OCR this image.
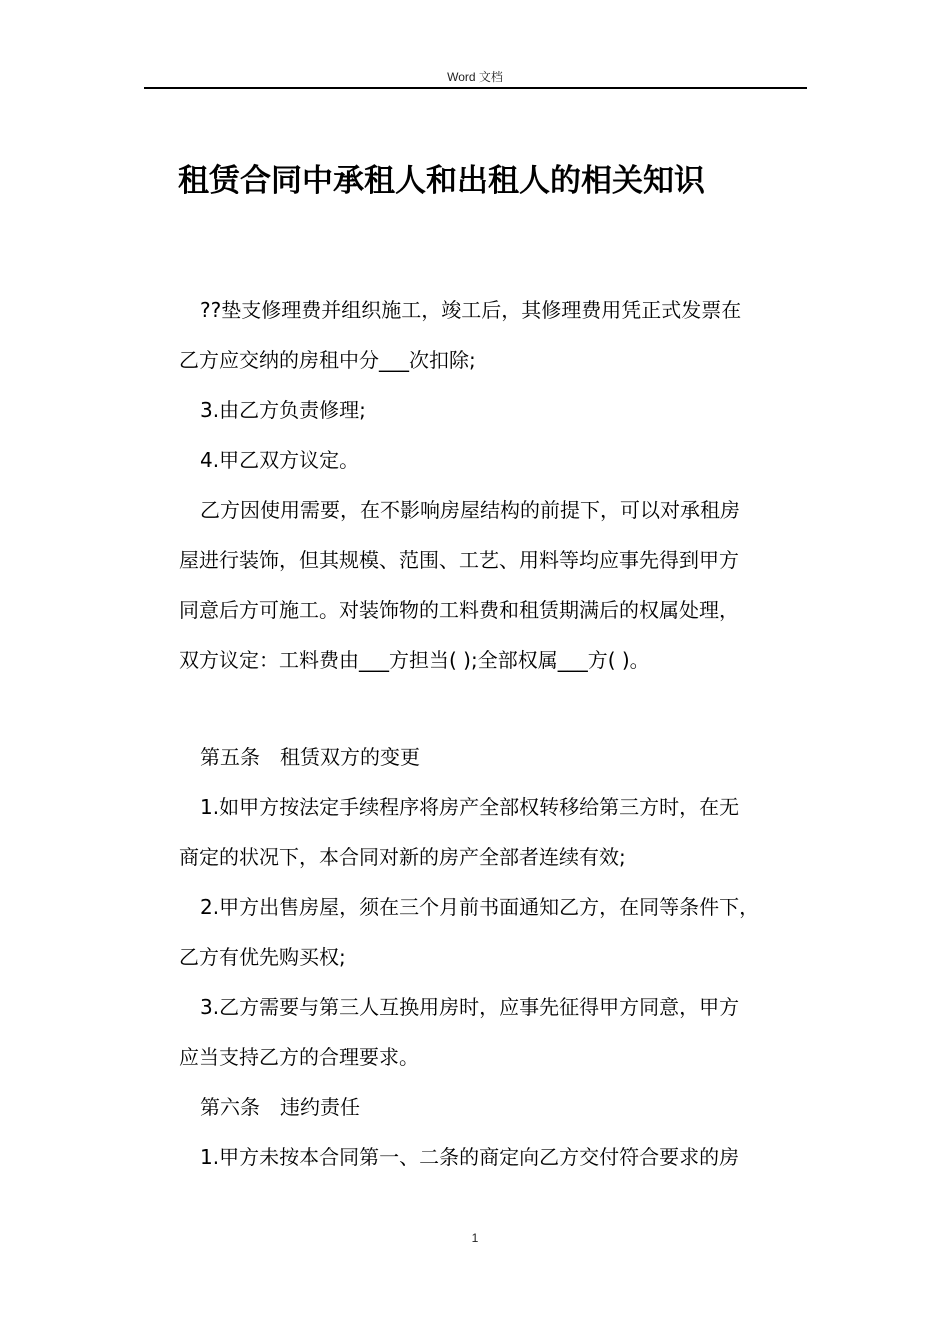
Word 文档
租赁合同中承租人和出租人的相关知识

??垫支修理费并组织施工，竣工后，其修理费用凭正式发票在

乙方应交纳的房租中分___次扣除;

3.由乙方负责修理;

4.甲乙双方议定。

乙方因使用需要，在不影响房屋结构的前提下，可以对承租房

屋进行装饰，但其规模、范围、工艺、用料等均应事先得到甲方

同意后方可施工。对装饰物的工料费和租赁期满后的权属处理，

双方议定：工料费由___方担当( );全部权属___方( )。

第五条　租赁双方的变更

1.如甲方按法定手续程序将房产全部权转移给第三方时，在无

商定的状况下，本合同对新的房产全部者连续有效;

2.甲方出售房屋，须在三个月前书面通知乙方，在同等条件下，

乙方有优先购买权;

3.乙方需要与第三人互换用房时，应事先征得甲方同意，甲方

应当支持乙方的合理要求。

第六条　违约责任

1.甲方未按本合同第一、二条的商定向乙方交付符合要求的房

1
